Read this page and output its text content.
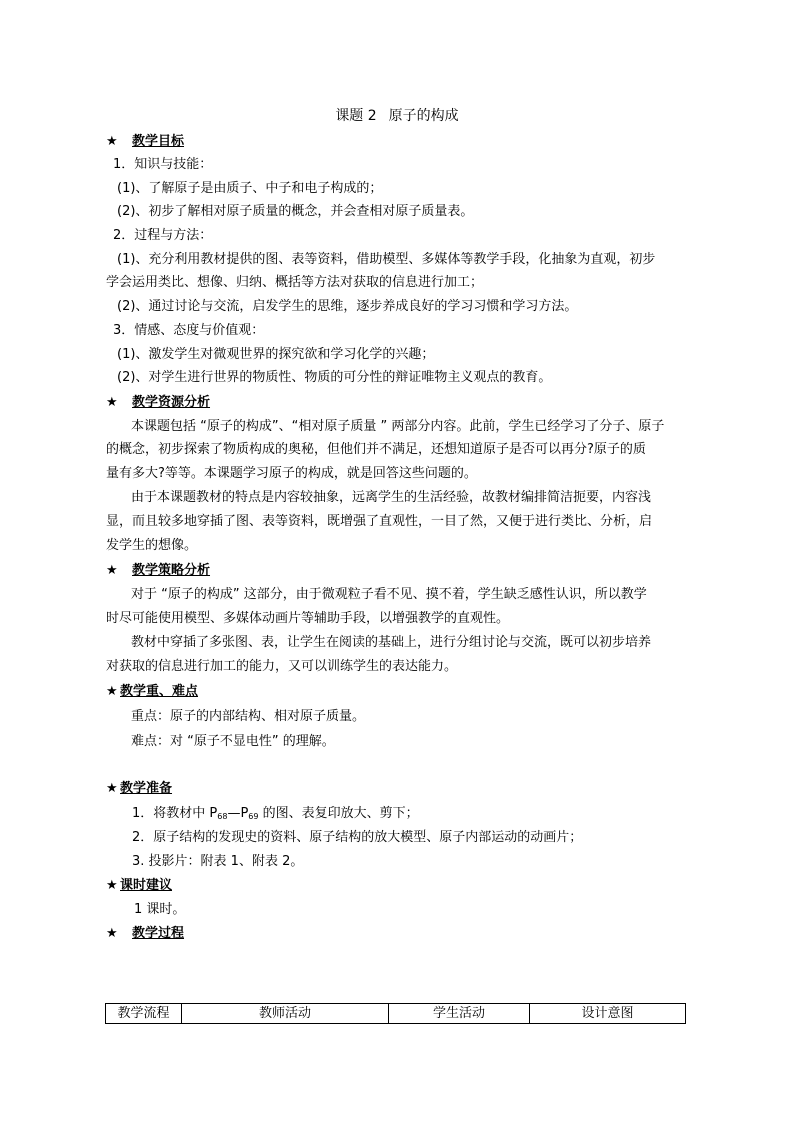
课题 2 原子的构成
★ 教学目标
1．知识与技能：
(1)、了解原子是由质子、中子和电子构成的；
(2)、初步了解相对原子质量的概念，并会查相对原子质量表。
2．过程与方法：
(1)、充分利用教材提供的图、表等资料，借助模型、多媒体等教学手段，化抽象为直观，初步
学会运用类比、想像、归纳、概括等方法对获取的信息进行加工；
(2)、通过讨论与交流，启发学生的思维，逐步养成良好的学习习惯和学习方法。
3．情感、态度与价值观：
(1)、激发学生对微观世界的探究欲和学习化学的兴趣；
(2)、对学生进行世界的物质性、物质的可分性的辩证唯物主义观点的教育。
★ 教学资源分析
本课题包括 “原子的构成”、“相对原子质量 ” 两部分内容。此前，学生已经学习了分子、原子
的概念，初步探索了物质构成的奥秘，但他们并不满足，还想知道原子是否可以再分?原子的质
量有多大?等等。本课题学习原子的构成，就是回答这些问题的。
由于本课题教材的特点是内容较抽象，远离学生的生活经验，故教材编排简洁扼要，内容浅
显，而且较多地穿插了图、表等资料，既增强了直观性，一目了然，又便于进行类比、分析，启
发学生的想像。
★ 教学策略分析
对于 “原子的构成” 这部分，由于微观粒子看不见、摸不着，学生缺乏感性认识，所以教学
时尽可能使用模型、多媒体动画片等辅助手段，以增强教学的直观性。
教材中穿插了多张图、表，让学生在阅读的基础上，进行分组讨论与交流，既可以初步培养
对获取的信息进行加工的能力，又可以训练学生的表达能力。
★ 教学重、难点
重点：原子的内部结构、相对原子质量。
难点：对 “原子不显电性” 的理解。
★ 教学准备
1．将教材中 $P_{68}—P_{69}$ 的图、表复印放大、剪下；
2．原子结构的发现史的资料、原子结构的放大模型、原子内部运动的动画片；
3. 投影片：附表 1、附表 2。
★ 课时建议
1 课时。
★ 教学过程
教学流程	教师活动	学生活动	设计意图
